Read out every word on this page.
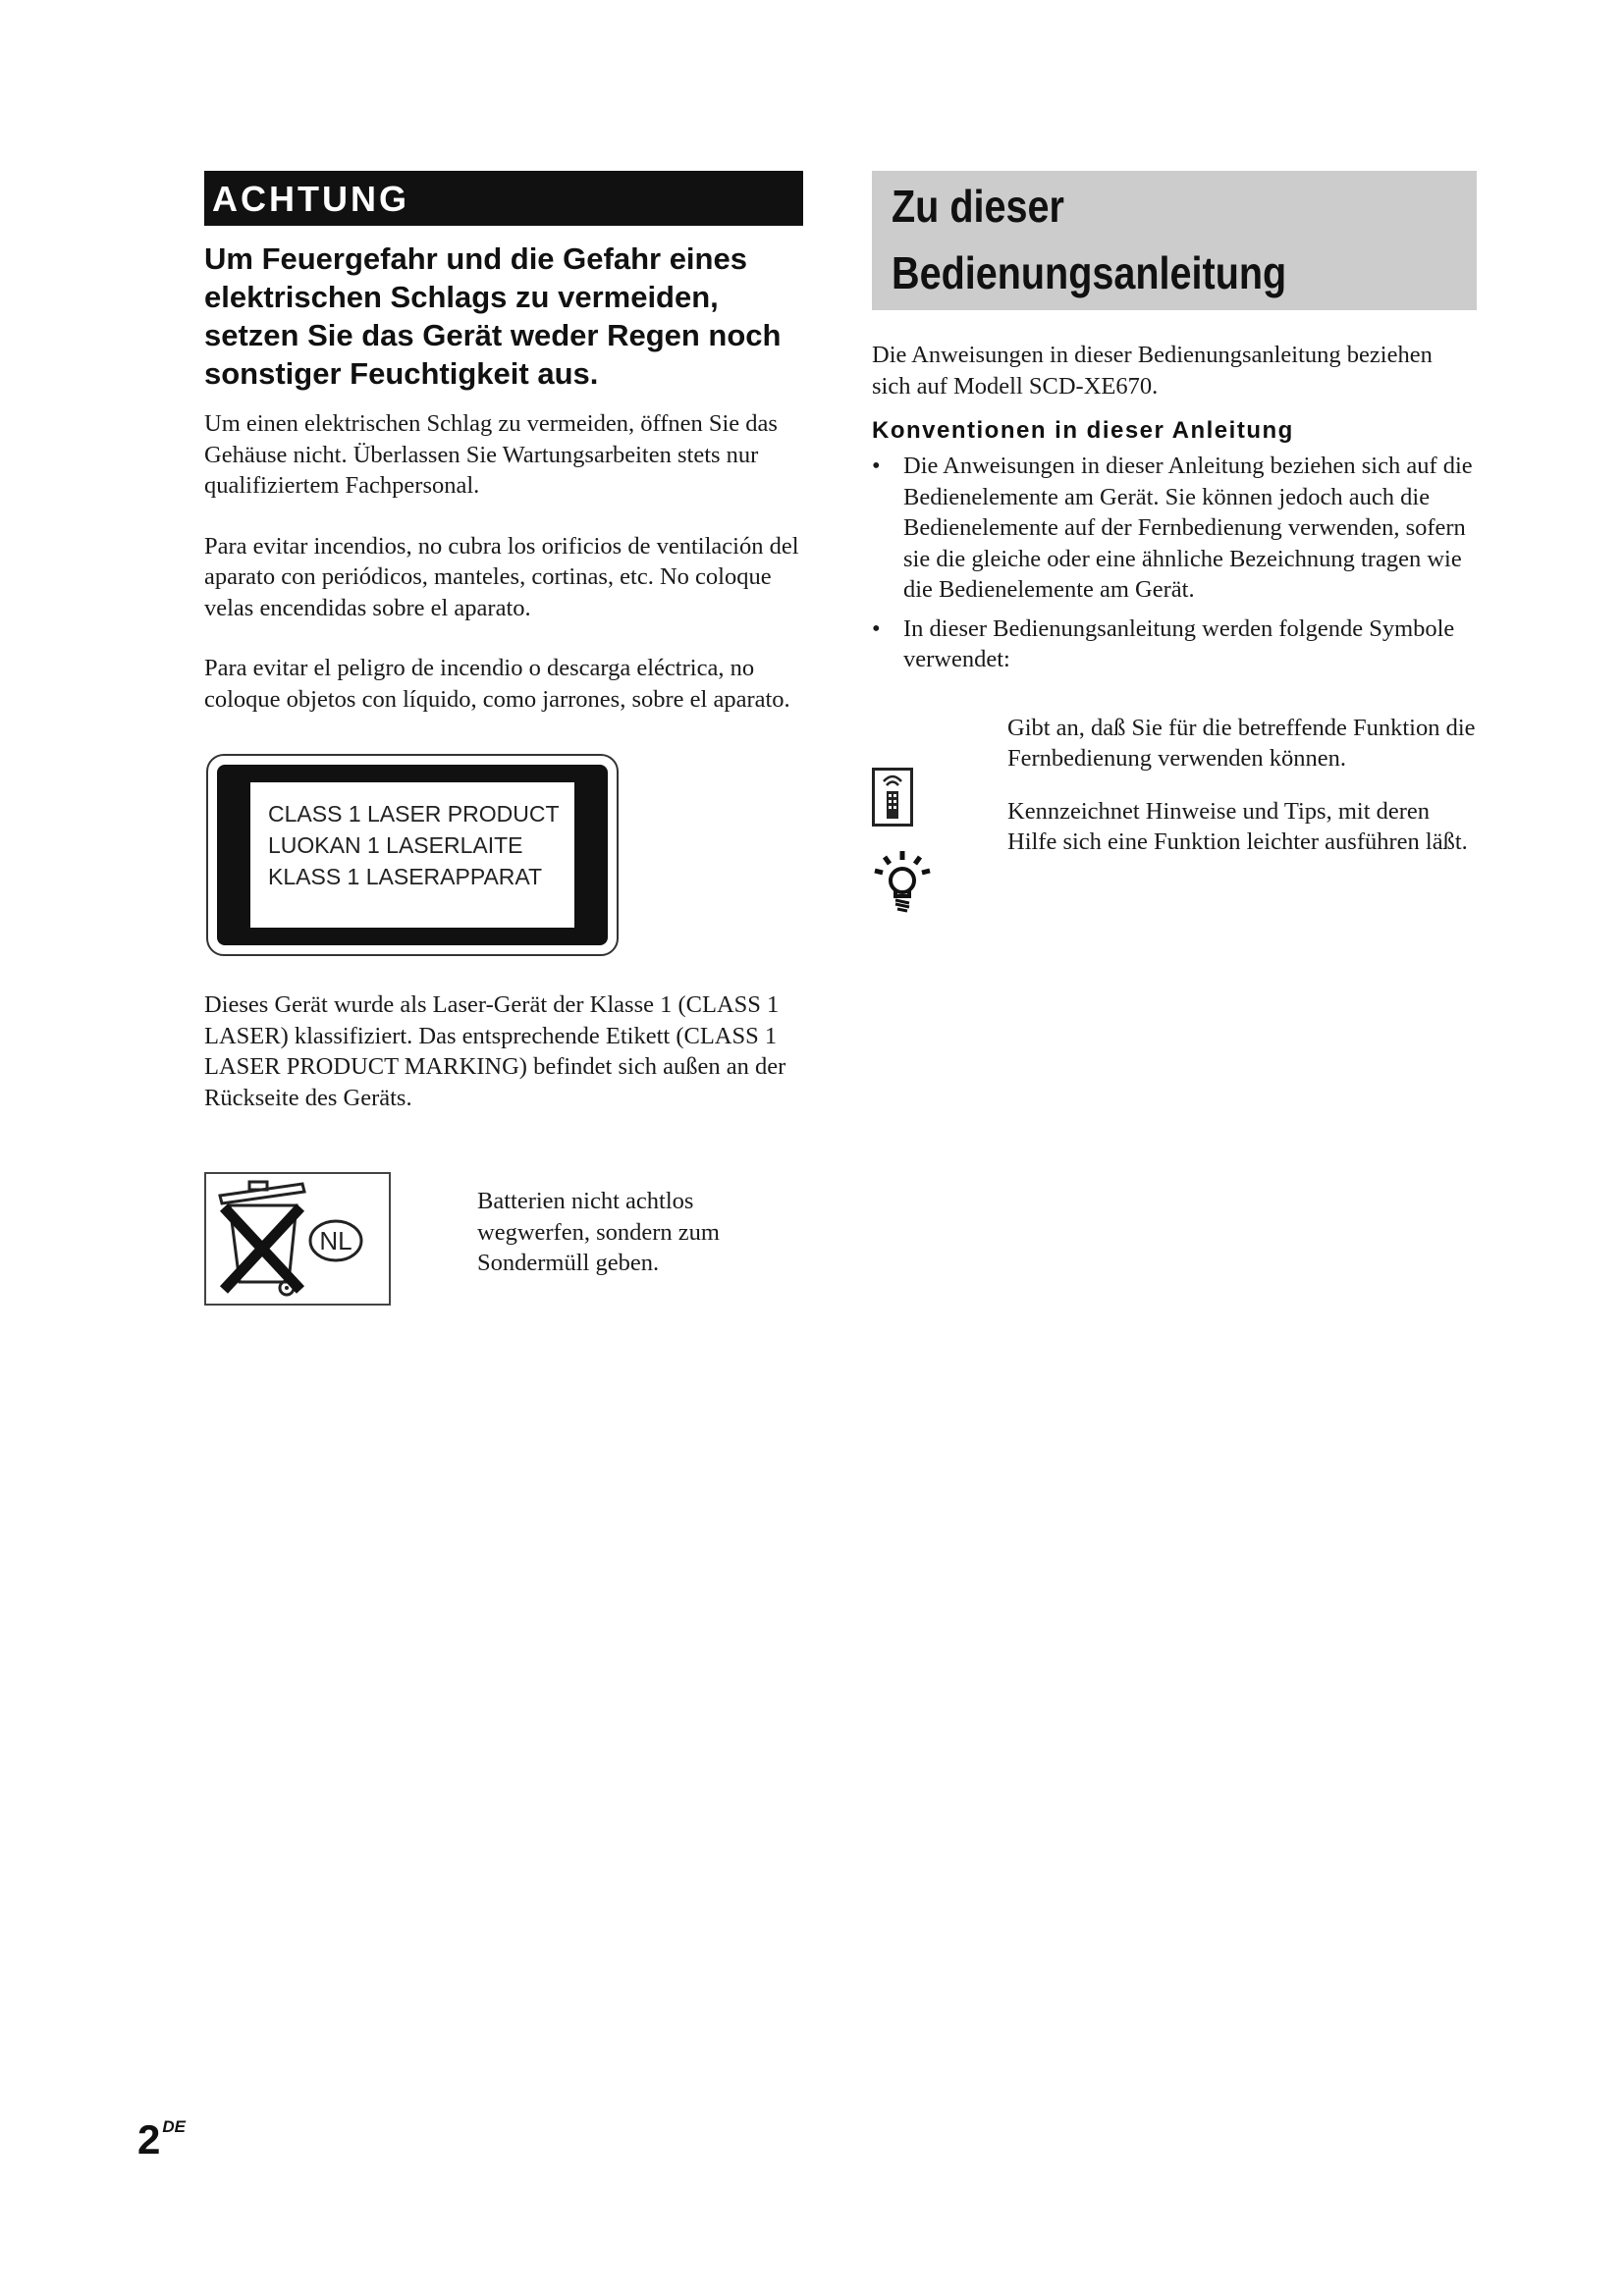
ACHTUNG

Um Feuergefahr und die Gefahr eines elektrischen Schlags zu vermeiden, setzen Sie das Gerät weder Regen noch sonstiger Feuchtigkeit aus.

Um einen elektrischen Schlag zu vermeiden, öffnen Sie das Gehäuse nicht. Überlassen Sie Wartungsarbeiten stets nur qualifiziertem Fachpersonal.

Para evitar incendios, no cubra los orificios de ventilación del aparato con periódicos, manteles, cortinas, etc. No coloque velas encendidas sobre el aparato.

Para evitar el peligro de incendio o descarga eléctrica, no coloque objetos con líquido, como jarrones, sobre el aparato.

CLASS 1 LASER PRODUCT
LUOKAN 1 LASERLAITE
KLASS 1 LASERAPPARAT

Dieses Gerät wurde als Laser-Gerät der Klasse 1 (CLASS 1 LASER) klassifiziert. Das entsprechende Etikett (CLASS 1 LASER PRODUCT MARKING) befindet sich außen an der Rückseite des Geräts.

NL
Batterien nicht achtlos wegwerfen, sondern zum Sondermüll geben.
Zu dieser
Bedienungsanleitung

Die Anweisungen in dieser Bedienungsanleitung beziehen sich auf Modell SCD-XE670.

Konventionen in dieser Anleitung

• Die Anweisungen in dieser Anleitung beziehen sich auf die Bedienelemente am Gerät. Sie können jedoch auch die Bedienelemente auf der Fernbedienung verwenden, sofern sie die gleiche oder eine ähnliche Bezeichnung tragen wie die Bedienelemente am Gerät.

• In dieser Bedienungsanleitung werden folgende Symbole verwendet:

Gibt an, daß Sie für die betreffende Funktion die Fernbedienung verwenden können.
Kennzeichnet Hinweise und Tips, mit deren Hilfe sich eine Funktion leichter ausführen läßt.
2 $^{DE}$
